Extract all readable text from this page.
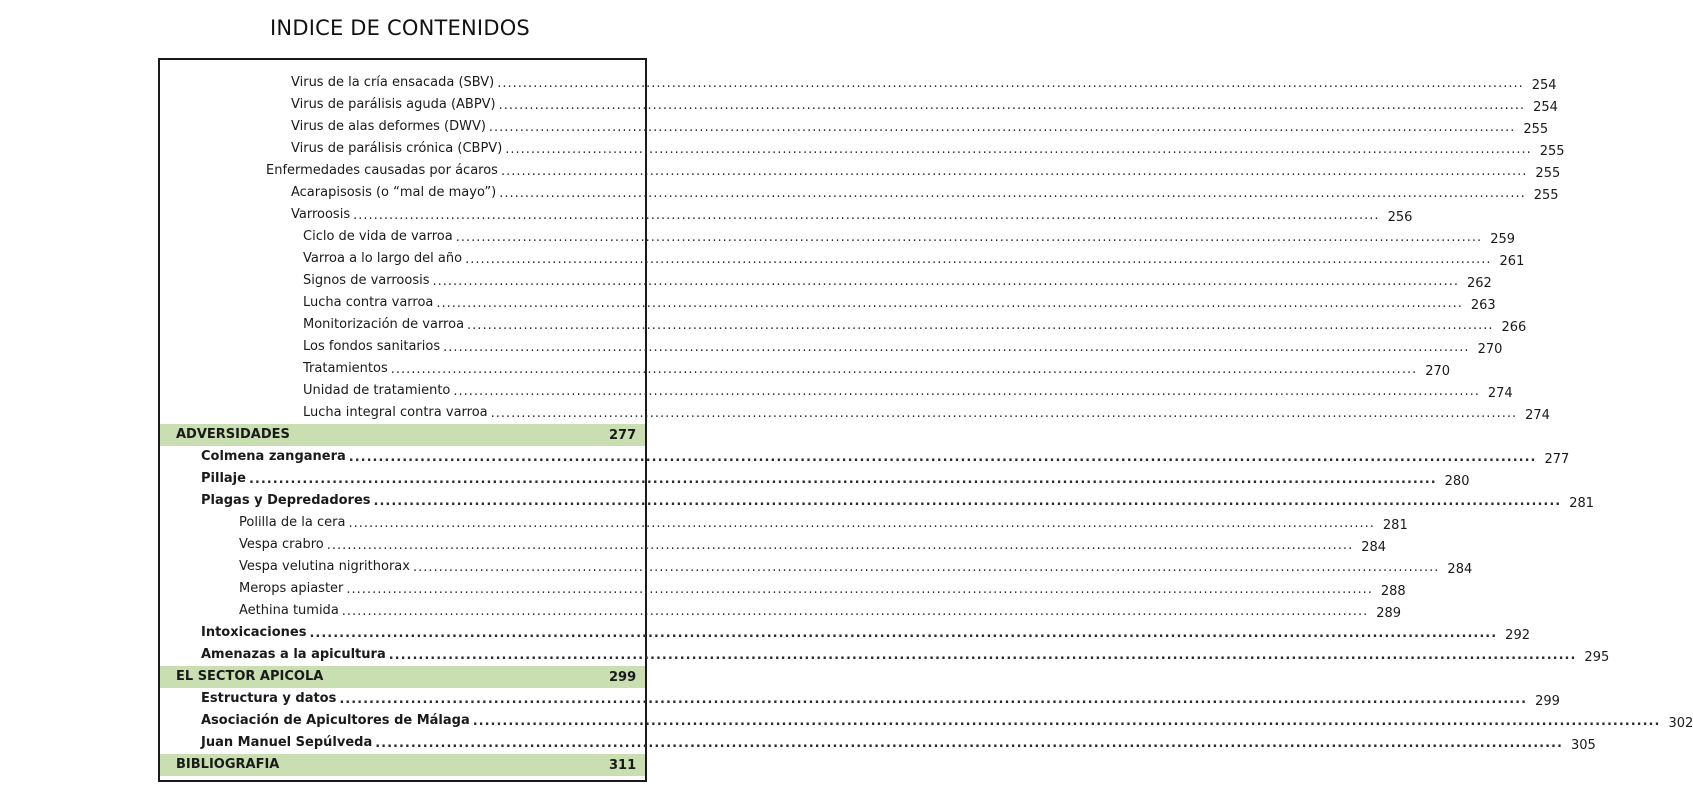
INDICE DE CONTENIDOS
Virus de la cría ensacada (SBV) ........................................................................................................................................................................................................ 254
Virus de parálisis aguda (ABPV) ........................................................................................................................................................................................................ 254
Virus de alas deformes (DWV) ........................................................................................................................................................................................................ 255
Virus de parálisis crónica (CBPV) ........................................................................................................................................................................................................ 255
Enfermedades causadas por ácaros ........................................................................................................................................................................................................ 255
Acarapisosis (o “mal de mayo”) ........................................................................................................................................................................................................ 255
Varroosis ........................................................................................................................................................................................................ 256
Ciclo de vida de varroa ........................................................................................................................................................................................................ 259
Varroa a lo largo del año ........................................................................................................................................................................................................ 261
Signos de varroosis ........................................................................................................................................................................................................ 262
Lucha contra varroa ........................................................................................................................................................................................................ 263
Monitorización de varroa ........................................................................................................................................................................................................ 266
Los fondos sanitarios ........................................................................................................................................................................................................ 270
Tratamientos ........................................................................................................................................................................................................ 270
Unidad de tratamiento ........................................................................................................................................................................................................ 274
Lucha integral contra varroa ........................................................................................................................................................................................................ 274
ADVERSIDADES	277
Colmena zanganera ........................................................................................................................................................................................................ 277
Pillaje ........................................................................................................................................................................................................ 280
Plagas y Depredadores ........................................................................................................................................................................................................ 281
Polilla de la cera ........................................................................................................................................................................................................ 281
Vespa crabro ........................................................................................................................................................................................................ 284
Vespa velutina nigrithorax ........................................................................................................................................................................................................ 284
Merops apiaster ........................................................................................................................................................................................................ 288
Aethina tumida ........................................................................................................................................................................................................ 289
Intoxicaciones ........................................................................................................................................................................................................ 292
Amenazas a la apicultura ........................................................................................................................................................................................................ 295
EL SECTOR APICOLA	299
Estructura y datos ........................................................................................................................................................................................................ 299
Asociación de Apicultores de Málaga ........................................................................................................................................................................................................ 302
Juan Manuel Sepúlveda ........................................................................................................................................................................................................ 305
BIBLIOGRAFIA	311
